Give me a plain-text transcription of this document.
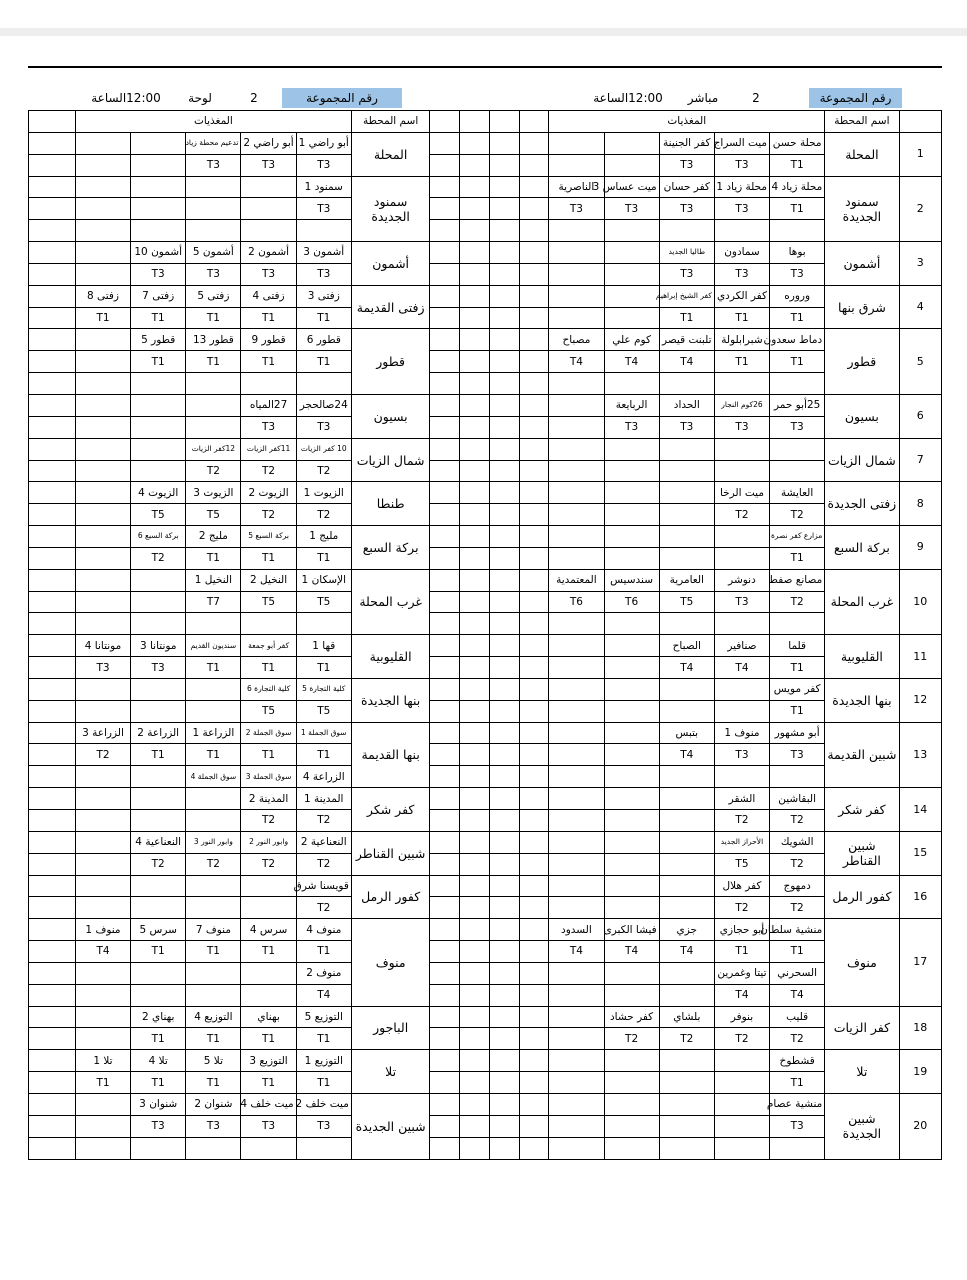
رقم المجموعة
2
مباشر
12:00الساعة
رقم المجموعة
2
لوحة
12:00الساعة
	اسم المحطة	المغذيات									اسم المحطة	المغذيات					
1	المحلة	محلة حسن	ميت السراج	كفر الجنينة							المحلة	أبو راضي 1	أبو راضي 2	تدعيم محطة زياد			
		T1	T3	T3								T3	T3	T3			
2	سمنود الجديدة	محلة زياد 4	محلة زياد 1	كفر حسان	ميت عساس 3	الناصرية					سمنود الجديدة	سمنود 1					
		T1	T3	T3	T3	T3						T3					

3	أشمون	بوها	سمادون	طاليا الجديد							أشمون	أشمون 3	أشمون 2	أشمون 5	أشمون 10		
		T3	T3	T3								T3	T3	T3	T3		
4	شرق بنها	وروره	كفر الكردي	كفر الشيخ إبراهيم							زفتى القديمة	زفتى 3	زفتى 4	زفتى 5	زفتى 7	زفتى 8	
		T1	T1	T1								T1	T1	T1	T1	T1	
5	قطور	دماط سعدون	شبرابلولة	تلبنت قيصر	كوم علي	مصباح					قطور	قطور 6	قطور 9	قطور 13	قطور 5		
		T1	T1	T4	T4	T4						T1	T1	T1	T1		

6	بسيون	25أبو حمر	26كوم النجار	الحداد	الربايعة						بسيون	24صالحجر	27المياه				
		T3	T3	T3	T3							T3	T3				
7	شمال الزيات										شمال الزيات	10 كفر الزيات	11كفر الزيات	12كفر الزيات			
												T2	T2	T2			
8	زفتى الجديدة	العايشة	ميت الرخا								طنطا	الزيوت 1	الزيوت 2	الزيوت 3	الزيوت 4		
		T2	T2									T2	T2	T5	T5		
9	بركة السبع	مزارع كفر نصرة									بركة السبع	مليج 1	بركة السبع 5	مليج 2	بركة السبع 6		
		T1										T1	T1	T1	T2		
10	غرب المحلة	مصانع صفط	دنوشر	العامرية	سندسيس	المعتمدية					غرب المحلة	الإسكان 1	النخيل 2	النخيل 1			
		T2	T3	T5	T6	T6						T5	T5	T7			

11	القليوبية	قلما	صنافير	الصباح							القليوبية	قها 1	كفر أبو جمعة	سنديون القديم	مونتانا 3	مونتانا 4	
		T1	T4	T4								T1	T1	T1	T3	T3	
12	بنها الجديدة	كفر مويس									بنها الجديدة	كلية التجارة 5	كلية التجارة 6				
		T1										T5	T5				
13	شبين القديمة	أبو مشهور	منوف 1	بتبس							بنها القديمة	سوق الجملة 1	سوق الجملة 2	الزراعة 1	الزراعة 2	الزراعة 3	
		T3	T3	T4								T1	T1	T1	T1	T2	
												الزراعة 4	سوق الجملة 3	سوق الجملة 4			
14	كفر شكر	البقاشين	الشقر								كفر شكر	المدينة 1	المدينة 2				
		T2	T2									T2	T2				
15	شبين القناطر	الشويك	الأحراز الجديد								شبين القناطر	النعناعية 2	وابور النور 2	وابور النور 3	النعناعية 4		
		T2	T5									T2	T2	T2	T2		
16	كفور الرمل	دمهوج	كفر هلال								كفور الرمل	قويسنا شرق					
		T2	T2									T2					
17	منوف	منشية سلطان	أبو حجازي	جزي	فيشا الكبرى	السدود					منوف	منوف 4	سرس 4	منوف 7	سرس 5	منوف 1	
		T1	T1	T4	T4	T4						T1	T1	T1	T1	T4	
		السحرني	تيتا وغمرين									منوف 2					
		T4	T4									T4					
18	كفر الزيات	قليب	بنوفر	بلشاي	كفر حشاد						الباجور	التوزيع 5	بهناي	التوزيع 4	بهناي 2		
		T2	T2	T2	T2							T1	T1	T1	T1		
19	تلا	قشطوخ									تلا	التوزيع 1	التوزيع 3	تلا 5	تلا 4	تلا 1	
		T1										T1	T1	T1	T1	T1	
20	شبين الجديدة	منشية عصام									شبين الجديدة	ميت خلف 2	ميت خلف 4	شنوان 2	شنوان 3		
		T3										T3	T3	T3	T3		
